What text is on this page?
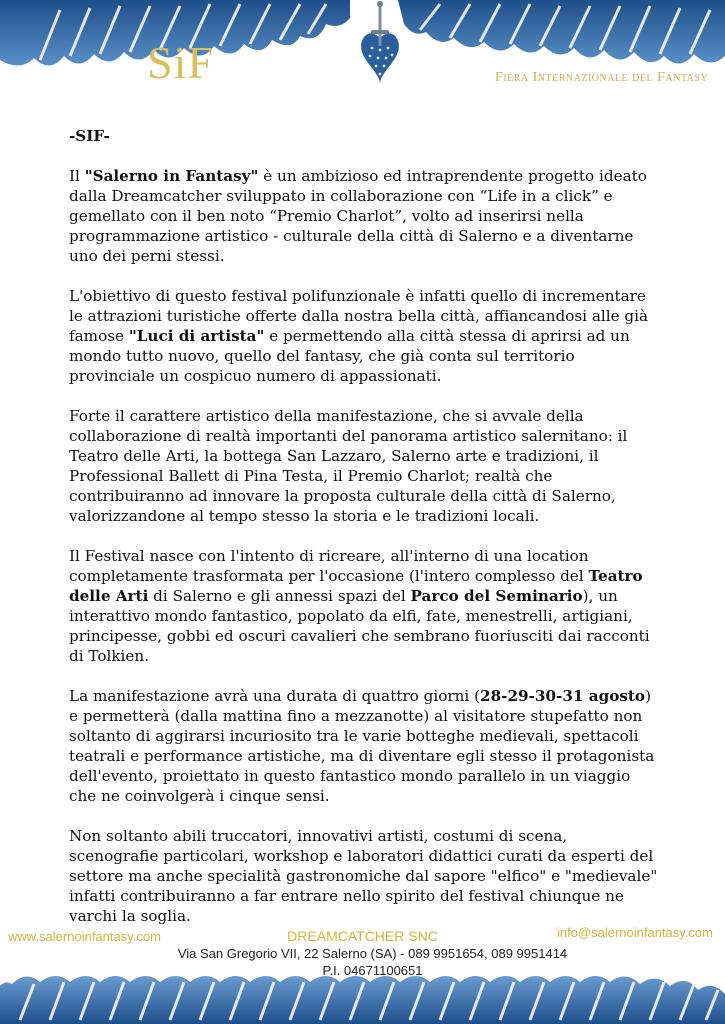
SiF	Fiera Internazionale del Fantasy

-SIF-

Il "Salerno in Fantasy" è un ambizioso ed intraprendente progetto ideato dalla Dreamcatcher sviluppato in collaborazione con “Life in a click” e gemellato con il ben noto “Premio Charlot”, volto ad inserirsi nella programmazione artistico - culturale della città di Salerno e a diventarne uno dei perni stessi.

L'obiettivo di questo festival polifunzionale è infatti quello di incrementare le attrazioni turistiche offerte dalla nostra bella città, affiancandosi alle già famose "Luci di artista" e permettendo alla città stessa di aprirsi ad un mondo tutto nuovo, quello del fantasy, che già conta sul territorio provinciale un cospicuo numero di appassionati.

Forte il carattere artistico della manifestazione, che si avvale della collaborazione di realtà importanti del panorama artistico salernitano: il Teatro delle Arti, la bottega San Lazzaro, Salerno arte e tradizioni, il Professional Ballett di Pina Testa, il Premio Charlot; realtà che contribuiranno ad innovare la proposta culturale della città di Salerno, valorizzandone al tempo stesso la storia e le tradizioni locali.

Il Festival nasce con l'intento di ricreare, all'interno di una location completamente trasformata per l'occasione (l'intero complesso del Teatro delle Arti di Salerno e gli annessi spazi del Parco del Seminario), un interattivo mondo fantastico, popolato da elfi, fate, menestrelli, artigiani, principesse, gobbi ed oscuri cavalieri che sembrano fuoriusciti dai racconti di Tolkien.

La manifestazione avrà una durata di quattro giorni (28-29-30-31 agosto) e permetterà (dalla mattina fino a mezzanotte) al visitatore stupefatto non soltanto di aggirarsi incuriosito tra le varie botteghe medievali, spettacoli teatrali e performance artistiche, ma di diventare egli stesso il protagonista dell'evento, proiettato in questo fantastico mondo parallelo in un viaggio che ne coinvolgerà i cinque sensi.

Non soltanto abili truccatori, innovativi artisti, costumi di scena, scenografie particolari, workshop e laboratori didattici curati da esperti del settore ma anche specialità gastronomiche dal sapore "elfico" e "medievale" infatti contribuiranno a far entrare nello spirito del festival chiunque ne varchi la soglia.

www.salernoinfantasy.com	DREAMCATCHER SNC	info@salernoinfantasy.com
Via San Gregorio VII, 22 Salerno (SA) - 089 9951654, 089 9951414
P.I. 04671100651
